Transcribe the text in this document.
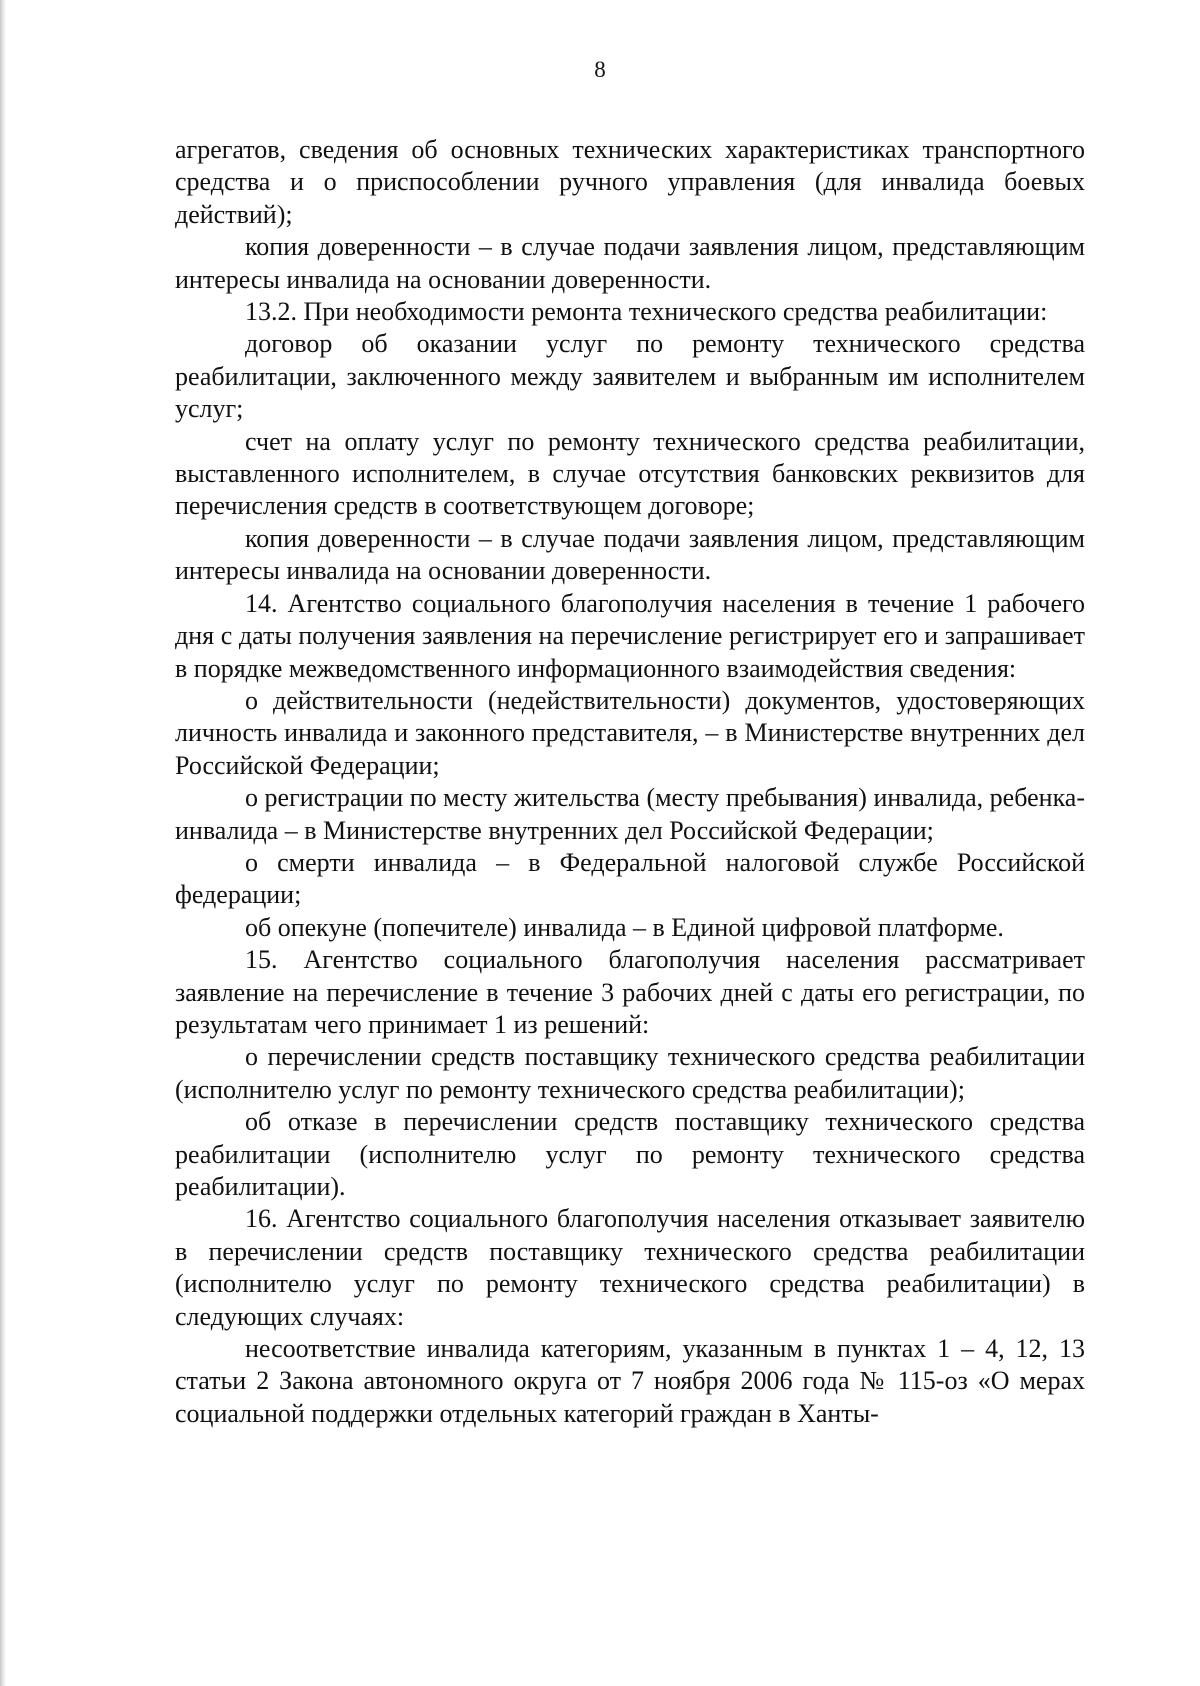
8

агрегатов, сведения об основных технических характеристиках транспортного средства и о приспособлении ручного управления (для инвалида боевых действий);

копия доверенности – в случае подачи заявления лицом, представляющим интересы инвалида на основании доверенности.

13.2. При необходимости ремонта технического средства реабилитации:

договор об оказании услуг по ремонту технического средства реабилитации, заключенного между заявителем и выбранным им исполнителем услуг;

счет на оплату услуг по ремонту технического средства реабилитации, выставленного исполнителем, в случае отсутствия банковских реквизитов для перечисления средств в соответствующем договоре;

копия доверенности – в случае подачи заявления лицом, представляющим интересы инвалида на основании доверенности.

14. Агентство социального благополучия населения в течение 1 рабочего дня с даты получения заявления на перечисление регистрирует его и запрашивает в порядке межведомственного информационного взаимодействия сведения:

о действительности (недействительности) документов, удостоверяющих личность инвалида и законного представителя, – в Министерстве внутренних дел Российской Федерации;

о регистрации по месту жительства (месту пребывания) инвалида, ребенка-инвалида – в Министерстве внутренних дел Российской Федерации;

о смерти инвалида – в Федеральной налоговой службе Российской федерации;

об опекуне (попечителе) инвалида – в Единой цифровой платформе.

15. Агентство социального благополучия населения рассматривает заявление на перечисление в течение 3 рабочих дней с даты его регистрации, по результатам чего принимает 1 из решений:

о перечислении средств поставщику технического средства реабилитации (исполнителю услуг по ремонту технического средства реабилитации);

об отказе в перечислении средств поставщику технического средства реабилитации (исполнителю услуг по ремонту технического средства реабилитации).

16. Агентство социального благополучия населения отказывает заявителю в перечислении средств поставщику технического средства реабилитации (исполнителю услуг по ремонту технического средства реабилитации) в следующих случаях:

несоответствие инвалида категориям, указанным в пунктах 1 – 4, 12, 13 статьи 2 Закона автономного округа от 7 ноября 2006 года № 115-оз «О мерах социальной поддержки отдельных категорий граждан в Ханты-
